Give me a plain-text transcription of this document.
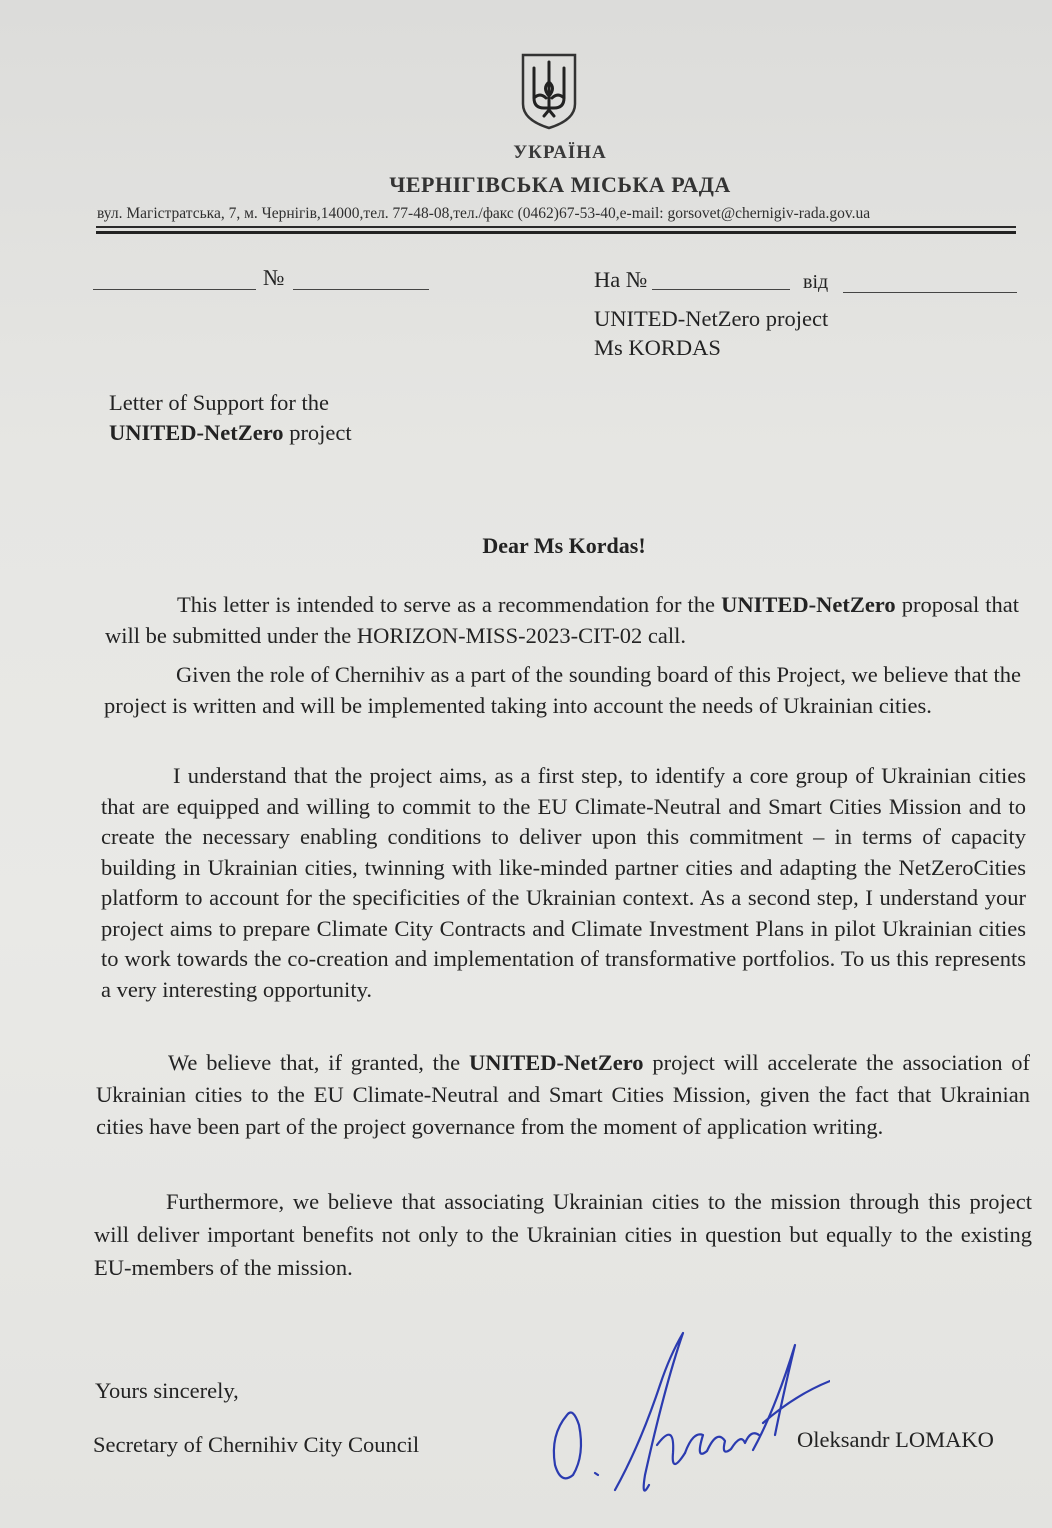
УКРАЇНА
ЧЕРНІГІВСЬКА МІСЬКА РАДА
вул. Магістратська, 7, м. Чернігів,14000,тел. 77-48-08,тел./факс (0462)67-53-40,e-mail: gorsovet@chernigiv-rada.gov.ua
№	На №	від
UNITED-NetZero project
Ms KORDAS
Letter of Support for the
UNITED-NetZero project
Dear Ms Kordas!

This letter is intended to serve as a recommendation for the UNITED-NetZero proposal that will be submitted under the HORIZON-MISS-2023-CIT-02 call.

Given the role of Chernihiv as a part of the sounding board of this Project, we believe that the project is written and will be implemented taking into account the needs of Ukrainian cities.

I understand that the project aims, as a first step, to identify a core group of Ukrainian cities that are equipped and willing to commit to the EU Climate-Neutral and Smart Cities Mission and to create the necessary enabling conditions to deliver upon this commitment – in terms of capacity building in Ukrainian cities, twinning with like-minded partner cities and adapting the NetZeroCities platform to account for the specificities of the Ukrainian context. As a second step, I understand your project aims to prepare Climate City Contracts and Climate Investment Plans in pilot Ukrainian cities to work towards the co-creation and implementation of transformative portfolios. To us this represents a very interesting opportunity.

We believe that, if granted, the UNITED-NetZero project will accelerate the association of Ukrainian cities to the EU Climate-Neutral and Smart Cities Mission, given the fact that Ukrainian cities have been part of the project governance from the moment of application writing.

Furthermore, we believe that associating Ukrainian cities to the mission through this project will deliver important benefits not only to the Ukrainian cities in question but equally to the existing EU-members of the mission.

Yours sincerely,
Secretary of Chernihiv City Council	Oleksandr LOMAKO
